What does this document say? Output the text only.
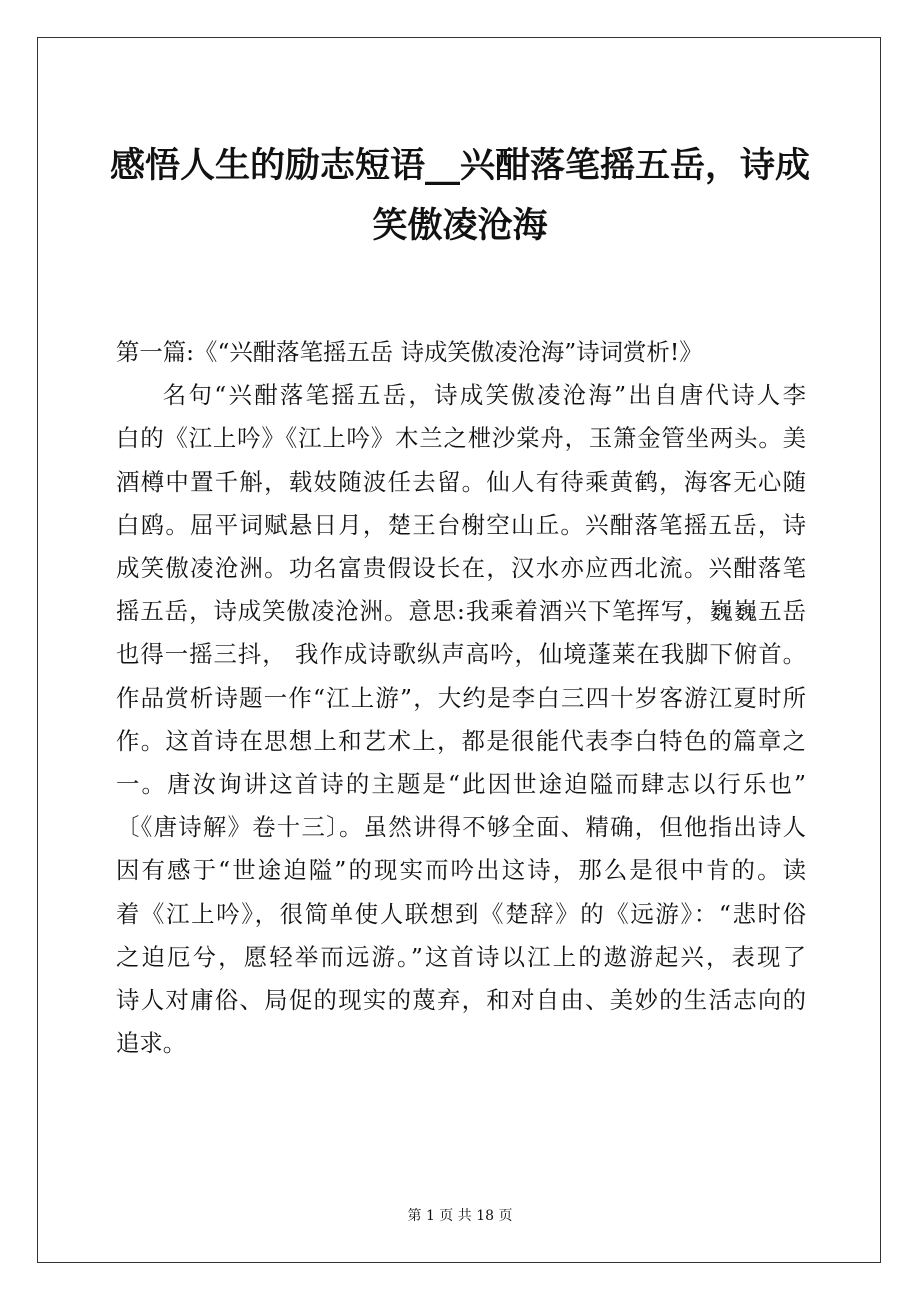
感悟人生的励志短语__兴酣落笔摇五岳，诗成
笑傲凌沧海
第一篇:《“兴酣落笔摇五岳 诗成笑傲凌沧海”诗词赏析!》
名句“兴酣落笔摇五岳，诗成笑傲凌沧海”出自唐代诗人李
白的《江上吟》《江上吟》木兰之枻沙棠舟，玉箫金管坐两头。美
酒樽中置千斛，载妓随波任去留。仙人有待乘黄鹤，海客无心随
白鸥。屈平词赋悬日月，楚王台榭空山丘。兴酣落笔摇五岳，诗
成笑傲凌沧洲。功名富贵假设长在，汉水亦应西北流。兴酣落笔
摇五岳，诗成笑傲凌沧洲。意思:我乘着酒兴下笔挥写，巍巍五岳
也得一摇三抖， 我作成诗歌纵声高吟，仙境蓬莱在我脚下俯首。
作品赏析诗题一作“江上游”，大约是李白三四十岁客游江夏时所
作。这首诗在思想上和艺术上，都是很能代表李白特色的篇章之
一。唐汝询讲这首诗的主题是“此因世途迫隘而肆志以行乐也”
〔《唐诗解》卷十三〕。虽然讲得不够全面、精确，但他指出诗人
因有感于“世途迫隘”的现实而吟出这诗，那么是很中肯的。读
着《江上吟》，很简单使人联想到《楚辞》的《远游》：“悲时俗
之迫厄兮，愿轻举而远游。”这首诗以江上的遨游起兴，表现了
诗人对庸俗、局促的现实的蔑弃，和对自由、美妙的生活志向的
追求。
第 1 页 共 18 页
